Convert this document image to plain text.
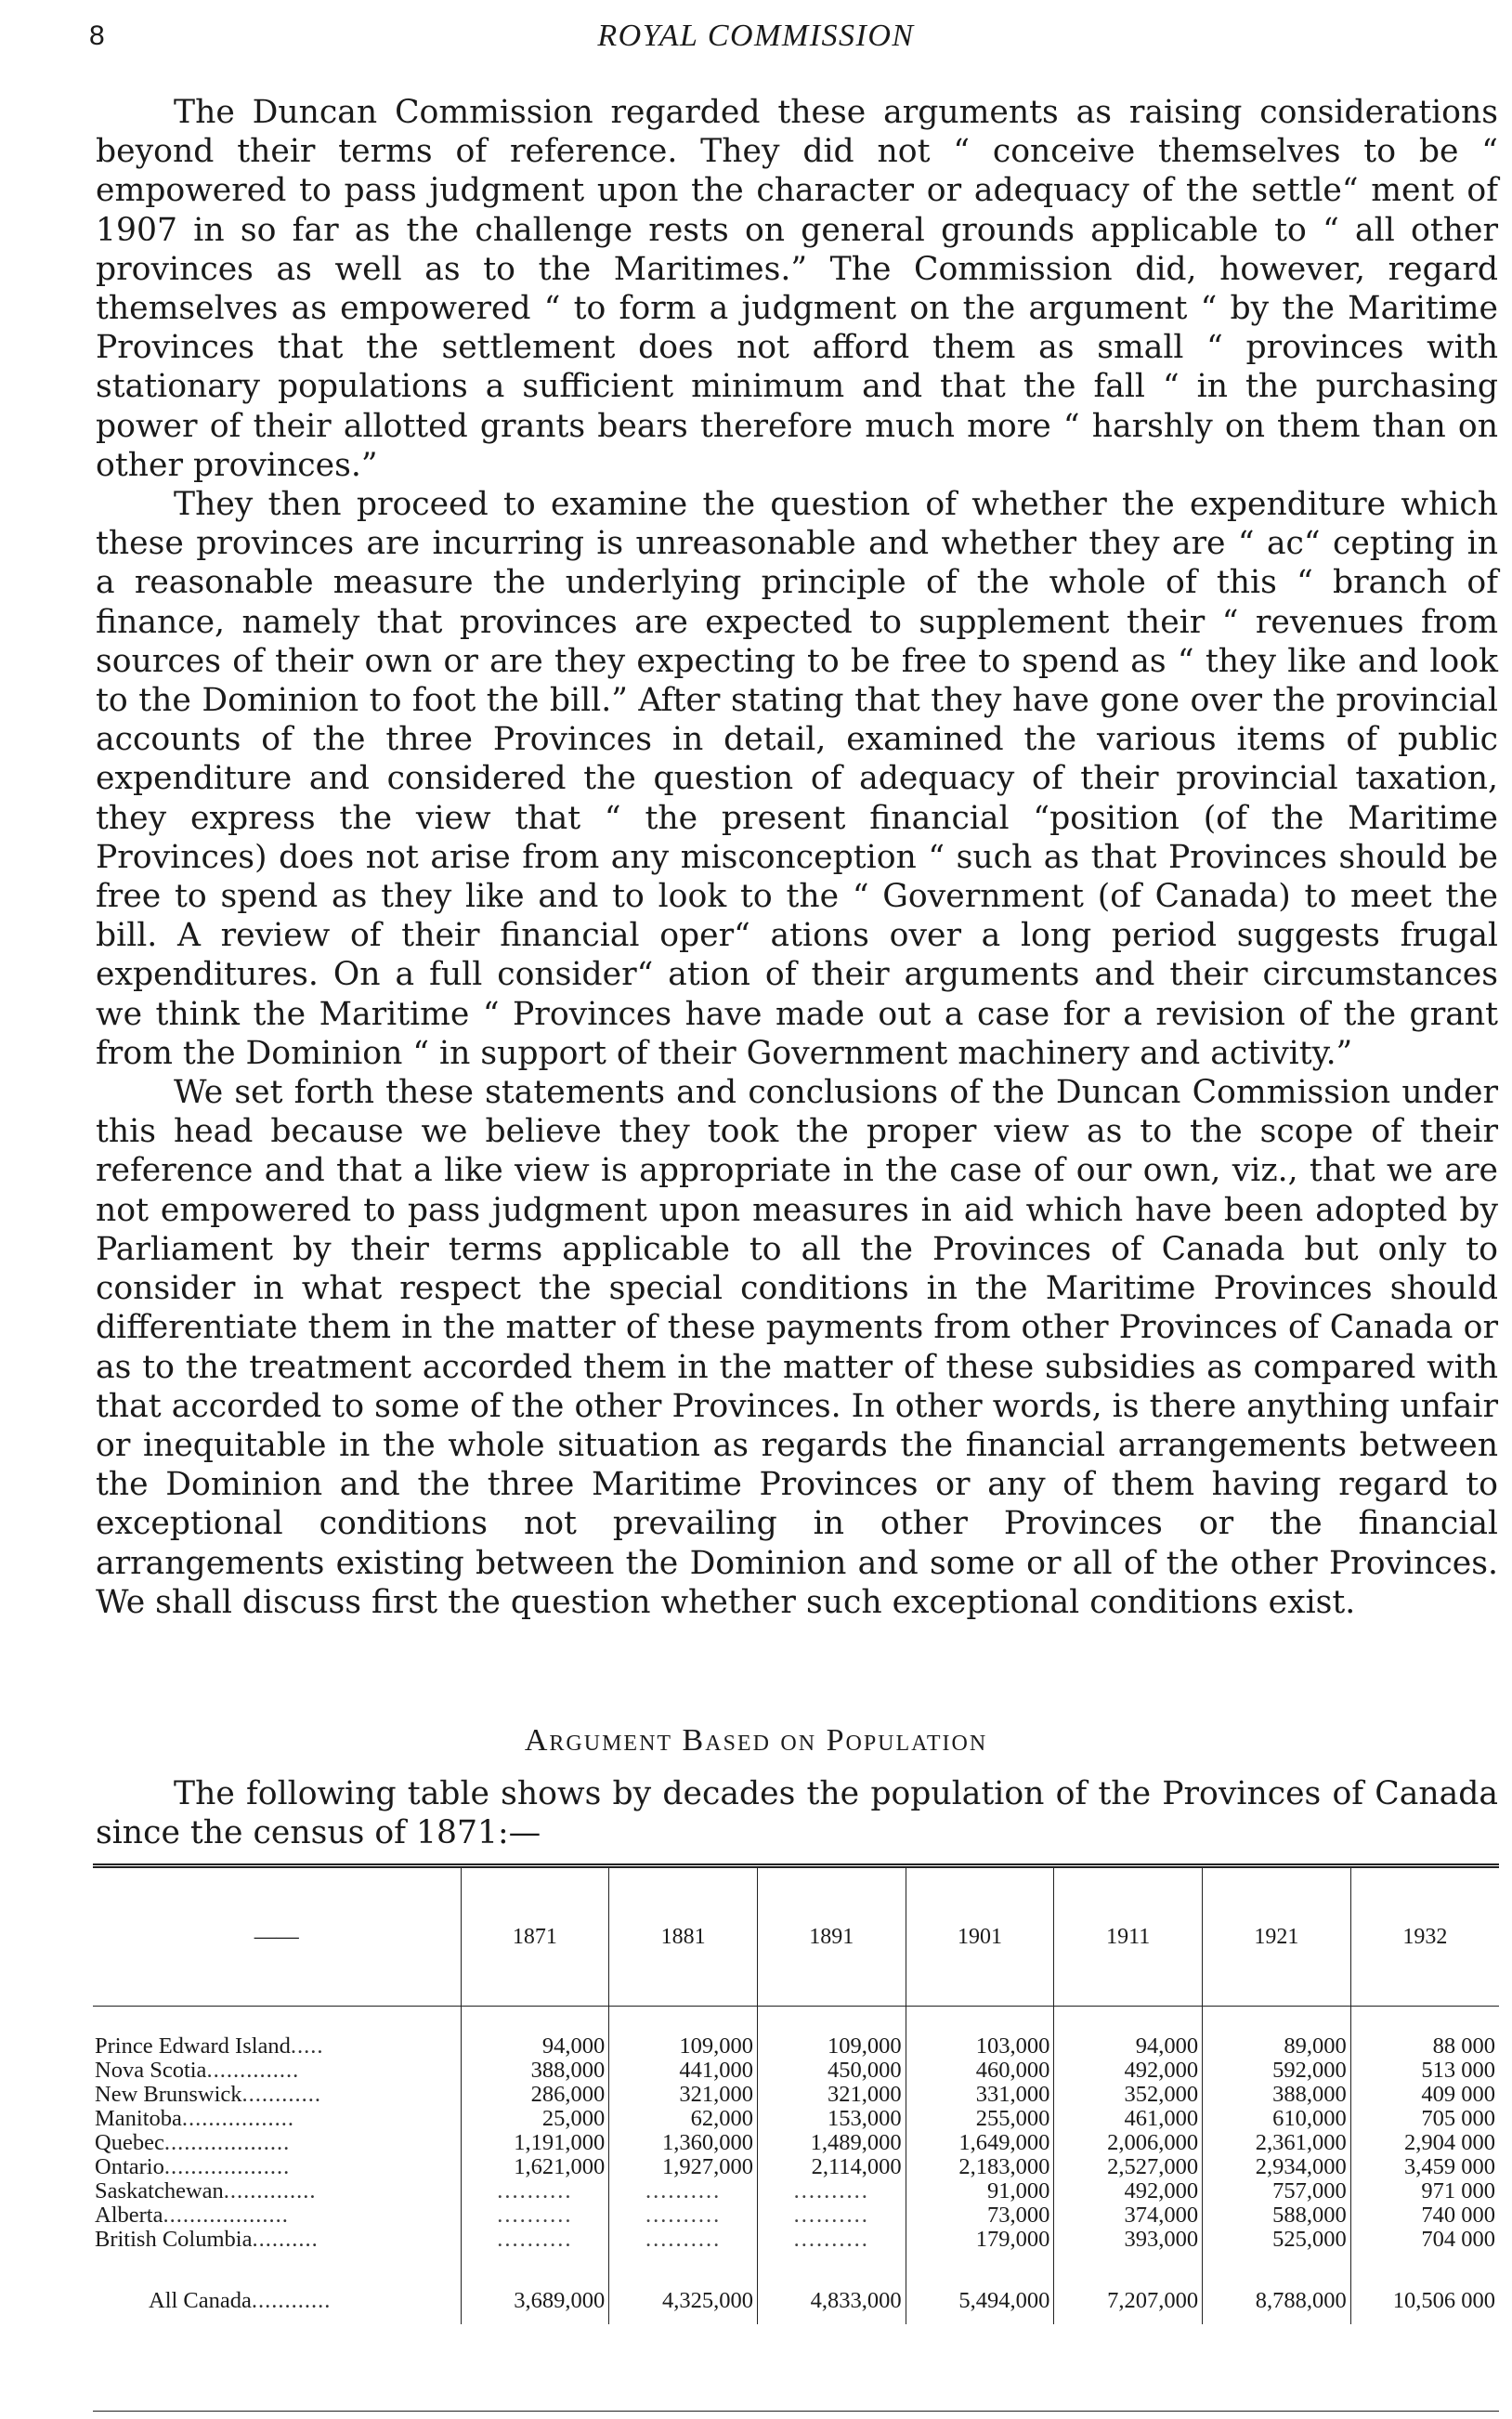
8	ROYAL COMMISSION

The Duncan Commission regarded these arguments as raising considerations beyond their terms of reference. They did not “ conceive themselves to be “ empowered to pass judgment upon the character or adequacy of the settle“ ment of 1907 in so far as the challenge rests on general grounds applicable to “ all other provinces as well as to the Maritimes.” The Commission did, however, regard themselves as empowered “ to form a judgment on the argument “ by the Maritime Provinces that the settlement does not afford them as small “ provinces with stationary populations a sufficient minimum and that the fall “ in the purchasing power of their allotted grants bears therefore much more “ harshly on them than on other provinces.”

They then proceed to examine the question of whether the expenditure which these provinces are incurring is unreasonable and whether they are “ ac“ cepting in a reasonable measure the underlying principle of the whole of this “ branch of finance, namely that provinces are expected to supplement their “ revenues from sources of their own or are they expecting to be free to spend as “ they like and look to the Dominion to foot the bill.” After stating that they have gone over the provincial accounts of the three Provinces in detail, examined the various items of public expenditure and considered the question of adequacy of their provincial taxation, they express the view that “ the present financial “position (of the Maritime Provinces) does not arise from any misconception “ such as that Provinces should be free to spend as they like and to look to the “ Government (of Canada) to meet the bill. A review of their financial oper“ ations over a long period suggests frugal expenditures. On a full consider“ ation of their arguments and their circumstances we think the Maritime “ Provinces have made out a case for a revision of the grant from the Dominion “ in support of their Government machinery and activity.”

We set forth these statements and conclusions of the Duncan Commission under this head because we believe they took the proper view as to the scope of their reference and that a like view is appropriate in the case of our own, viz., that we are not empowered to pass judgment upon measures in aid which have been adopted by Parliament by their terms applicable to all the Provinces of Canada but only to consider in what respect the special conditions in the Maritime Provinces should differentiate them in the matter of these payments from other Provinces of Canada or as to the treatment accorded them in the matter of these subsidies as compared with that accorded to some of the other Provinces. In other words, is there anything unfair or inequitable in the whole situation as regards the financial arrangements between the Dominion and the three Maritime Provinces or any of them having regard to exceptional conditions not prevailing in other Provinces or the financial arrangements existing between the Dominion and some or all of the other Provinces. We shall discuss first the question whether such exceptional conditions exist.

Argument Based on Population

The following table shows by decades the population of the Provinces of Canada since the census of 1871:—

——	1871	1881	1891	1901	1911	1921	1932
Prince Edward Island.....	94,000	109,000	109,000	103,000	94,000	89,000	88 000
Nova Scotia..............	388,000	441,000	450,000	460,000	492,000	592,000	513 000
New Brunswick............	286,000	321,000	321,000	331,000	352,000	388,000	409 000
Manitoba.................	25,000	62,000	153,000	255,000	461,000	610,000	705 000
Quebec...................	1,191,000	1,360,000	1,489,000	1,649,000	2,006,000	2,361,000	2,904 000
Ontario...................	1,621,000	1,927,000	2,114,000	2,183,000	2,527,000	2,934,000	3,459 000
Saskatchewan..............	..........	..........	..........	91,000	492,000	757,000	971 000
Alberta...................	..........	..........	..........	73,000	374,000	588,000	740 000
British Columbia..........	..........	..........	..........	179,000	393,000	525,000	704 000
All Canada............	3,689,000	4,325,000	4,833,000	5,494,000	7,207,000	8,788,000	10,506 000
